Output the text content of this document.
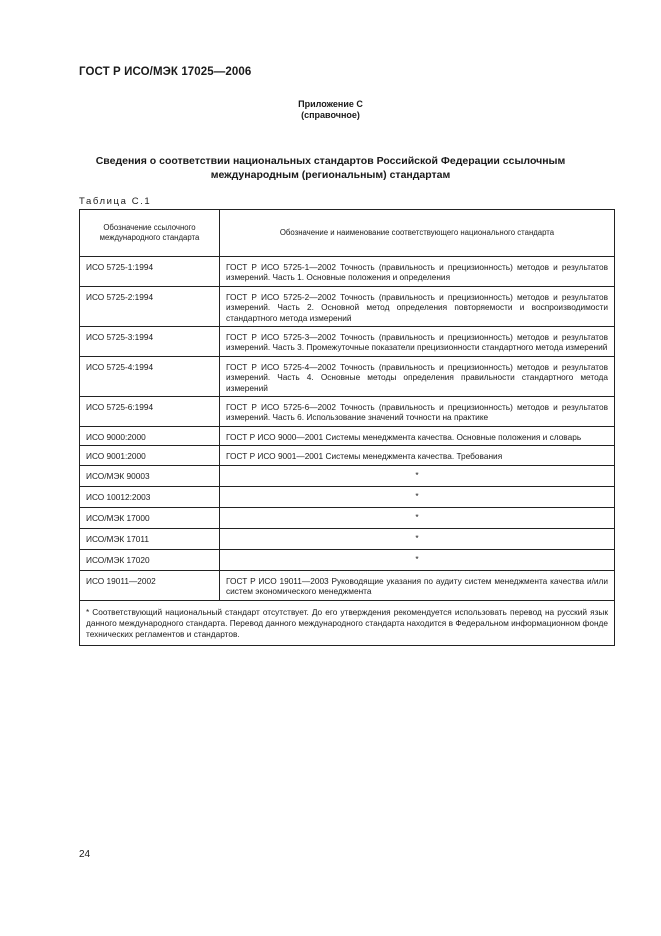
ГОСТ Р ИСО/МЭК 17025—2006
Приложение С
(справочное)
Сведения о соответствии национальных стандартов Российской Федерации ссылочным
международным (региональным) стандартам
Таблица С.1
Обозначение ссылочного международного стандарта	Обозначение и наименование соответствующего национального стандарта
ИСО 5725-1:1994	ГОСТ Р ИСО 5725-1—2002 Точность (правильность и прецизионность) методов и результатов измерений. Часть 1. Основные положения и определения
ИСО 5725-2:1994	ГОСТ Р ИСО 5725-2—2002 Точность (правильность и прецизионность) методов и результатов измерений. Часть 2. Основной метод определения повторяемости и воспроизводимости стандартного метода измерений
ИСО 5725-3:1994	ГОСТ Р ИСО 5725-3—2002 Точность (правильность и прецизионность) методов и результатов измерений. Часть 3. Промежуточные показатели прецизионности стандартного метода измерений
ИСО 5725-4:1994	ГОСТ Р ИСО 5725-4—2002 Точность (правильность и прецизионность) методов и результатов измерений. Часть 4. Основные методы определения правильности стандартного метода измерений
ИСО 5725-6:1994	ГОСТ Р ИСО 5725-6—2002 Точность (правильность и прецизионность) методов и результатов измерений. Часть 6. Использование значений точности на практике
ИСО 9000:2000	ГОСТ Р ИСО 9000—2001 Системы менеджмента качества. Основные положения и словарь
ИСО 9001:2000	ГОСТ Р ИСО 9001—2001 Системы менеджмента качества. Требования
ИСО/МЭК 90003	*
ИСО 10012:2003	*
ИСО/МЭК 17000	*
ИСО/МЭК 17011	*
ИСО/МЭК 17020	*
ИСО 19011—2002	ГОСТ Р ИСО 19011—2003 Руководящие указания по аудиту систем менеджмента качества и/или систем экономического менеджмента
* Соответствующий национальный стандарт отсутствует. До его утверждения рекомендуется использовать перевод на русский язык данного международного стандарта. Перевод данного международного стандарта находится в Федеральном информационном фонде технических регламентов и стандартов.	
24
